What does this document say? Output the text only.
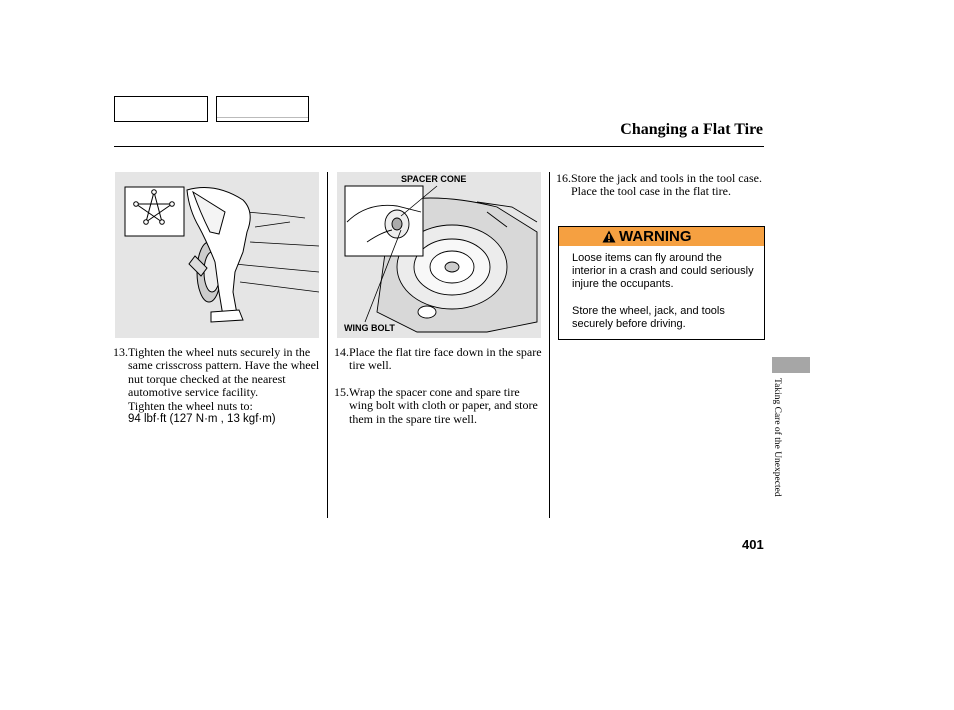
Changing a Flat Tire
SPACER CONE
WING BOLT
13. Tighten the wheel nuts securely in the same crisscross pattern. Have the wheel nut torque checked at the nearest automotive service facility.
Tighten the wheel nuts to:
94 lbf·ft (127 N·m , 13 kgf·m)
14. Place the flat tire face down in the spare tire well.
15. Wrap the spacer cone and spare tire wing bolt with cloth or paper, and store them in the spare tire well.
16. Store the jack and tools in the tool case. Place the tool case in the flat tire.
WARNING
Loose items can fly around the interior in a crash and could seriously injure the occupants.
Store the wheel, jack, and tools securely before driving.
Taking Care of the Unexpected
401
